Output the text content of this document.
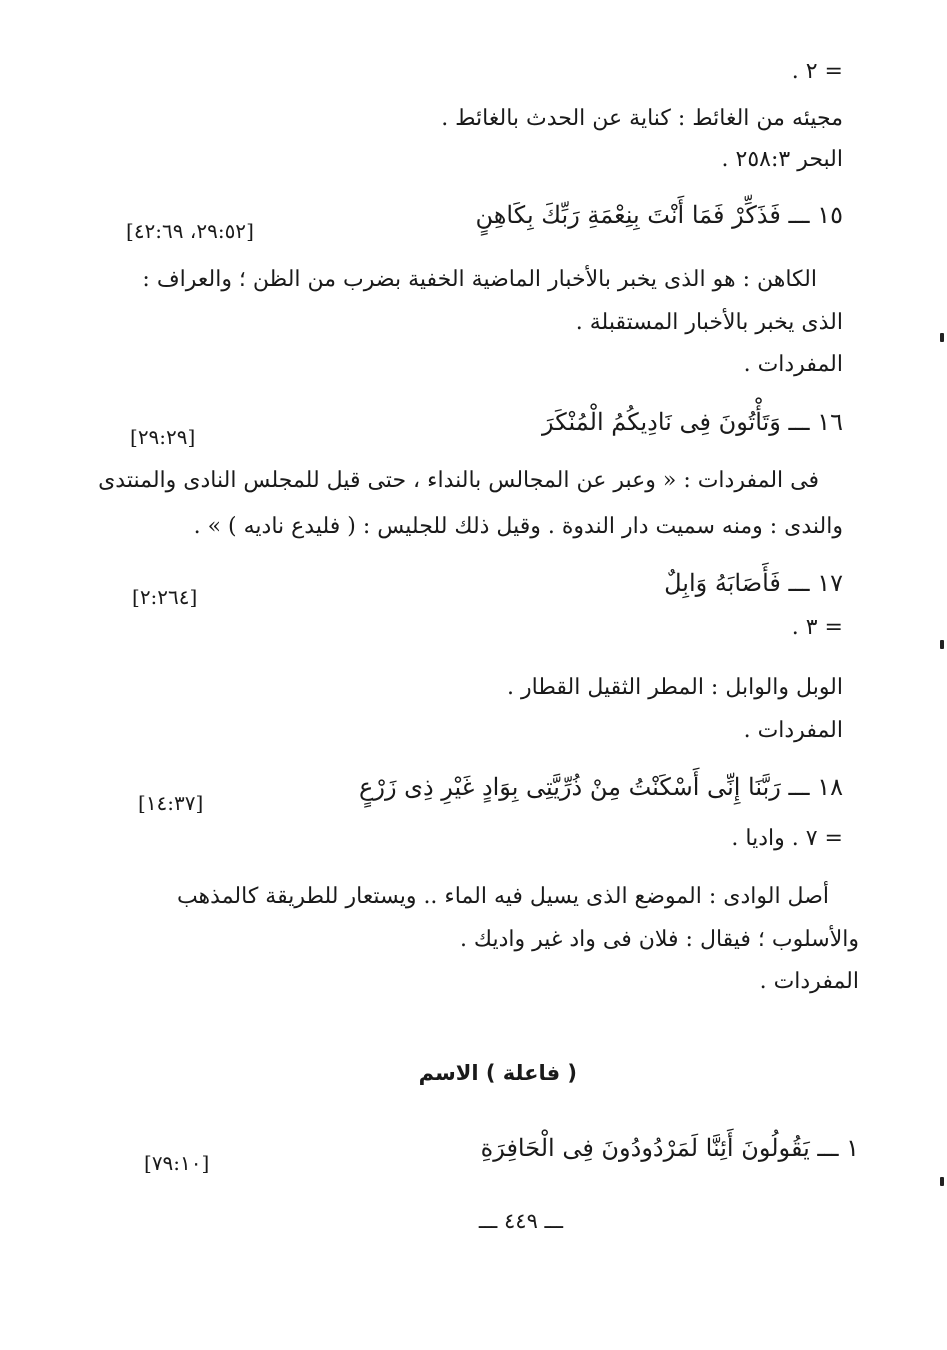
= ٢ .
مجيئه من الغائط : كناية عن الحدث بالغائط .
البحر ٢٥٨:٣ .
١٥ ـــ فَذَكِّرْ فَمَا أَنْتَ بِنِعْمَةِ رَبِّكَ بِكَاهِنٍ
[٢٩:٥٢، ٤٢:٦٩]
الكاهن : هو الذى يخبر بالأخبار الماضية الخفية بضرب من الظن ؛ والعراف :
الذى يخبر بالأخبار المستقبلة .
المفردات .
١٦ ـــ وَتَأْتُونَ فِى نَادِيكُمُ الْمُنْكَرَ
[٢٩:٢٩]
فى المفردات : « وعبر عن المجالس بالنداء ، حتى قيل للمجلس النادى والمنتدى
والندى : ومنه سميت دار الندوة . وقيل ذلك للجليس : ( فليدع ناديه ) » .
١٧ ـــ فَأَصَابَهُ وَابِلٌ
[٢:٢٦٤]
= ٣ .
الوبل والوابل : المطر الثقيل القطار .
المفردات .
١٨ ـــ رَبَّنَا إِنِّى أَسْكَنْتُ مِنْ ذُرِّيَّتِى بِوَادٍ غَيْرِ ذِى زَرْعٍ
[١٤:٣٧]
= ٧ . واديا .
أصل الوادى : الموضع الذى يسيل فيه الماء .. ويستعار للطريقة كالمذهب
والأسلوب ؛ فيقال : فلان فى واد غير واديك .
المفردات .
( فاعلة ) الاسم
١ ـــ يَقُولُونَ أَئِنَّا لَمَرْدُودُونَ فِى الْحَافِرَةِ
[٧٩:١٠]
ـــ ٤٤٩ ـــ
